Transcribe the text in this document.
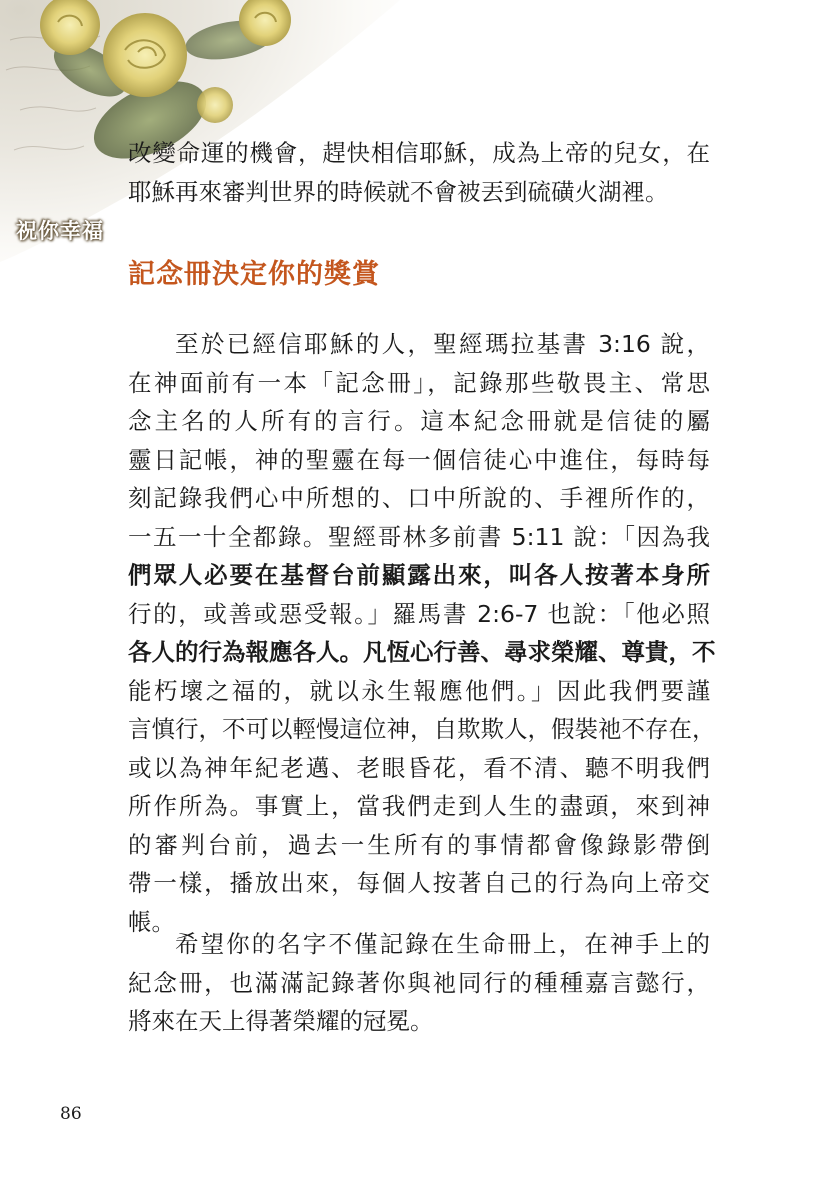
祝你幸福
改變命運的機會，趕快相信耶穌，成為上帝的兒女，在
耶穌再來審判世界的時候就不會被丟到硫磺火湖裡。
記念冊決定你的獎賞
至於已經信耶穌的人，聖經瑪拉基書 3:16 說，
在神面前有一本「記念冊」，記錄那些敬畏主、常思
念主名的人所有的言行。這本紀念冊就是信徒的屬
靈日記帳，神的聖靈在每一個信徒心中進住，每時每
刻記錄我們心中所想的、口中所說的、手裡所作的，
一五一十全都錄。聖經哥林多前書 5:11 說：「因為我
們眾人必要在基督台前顯露出來，叫各人按著本身所
行的，或善或惡受報。」羅馬書 2:6-7 也說：「他必照
各人的行為報應各人。凡恆心行善、尋求榮耀、尊貴，不
能朽壞之福的，就以永生報應他們。」因此我們要謹
言慎行，不可以輕慢這位神，自欺欺人，假裝祂不存在，
或以為神年紀老邁、老眼昏花，看不清、聽不明我們
所作所為。事實上，當我們走到人生的盡頭，來到神
的審判台前，過去一生所有的事情都會像錄影帶倒
帶一樣，播放出來，每個人按著自己的行為向上帝交
帳。
希望你的名字不僅記錄在生命冊上，在神手上的
紀念冊，也滿滿記錄著你與祂同行的種種嘉言懿行，
將來在天上得著榮耀的冠冕。
86
